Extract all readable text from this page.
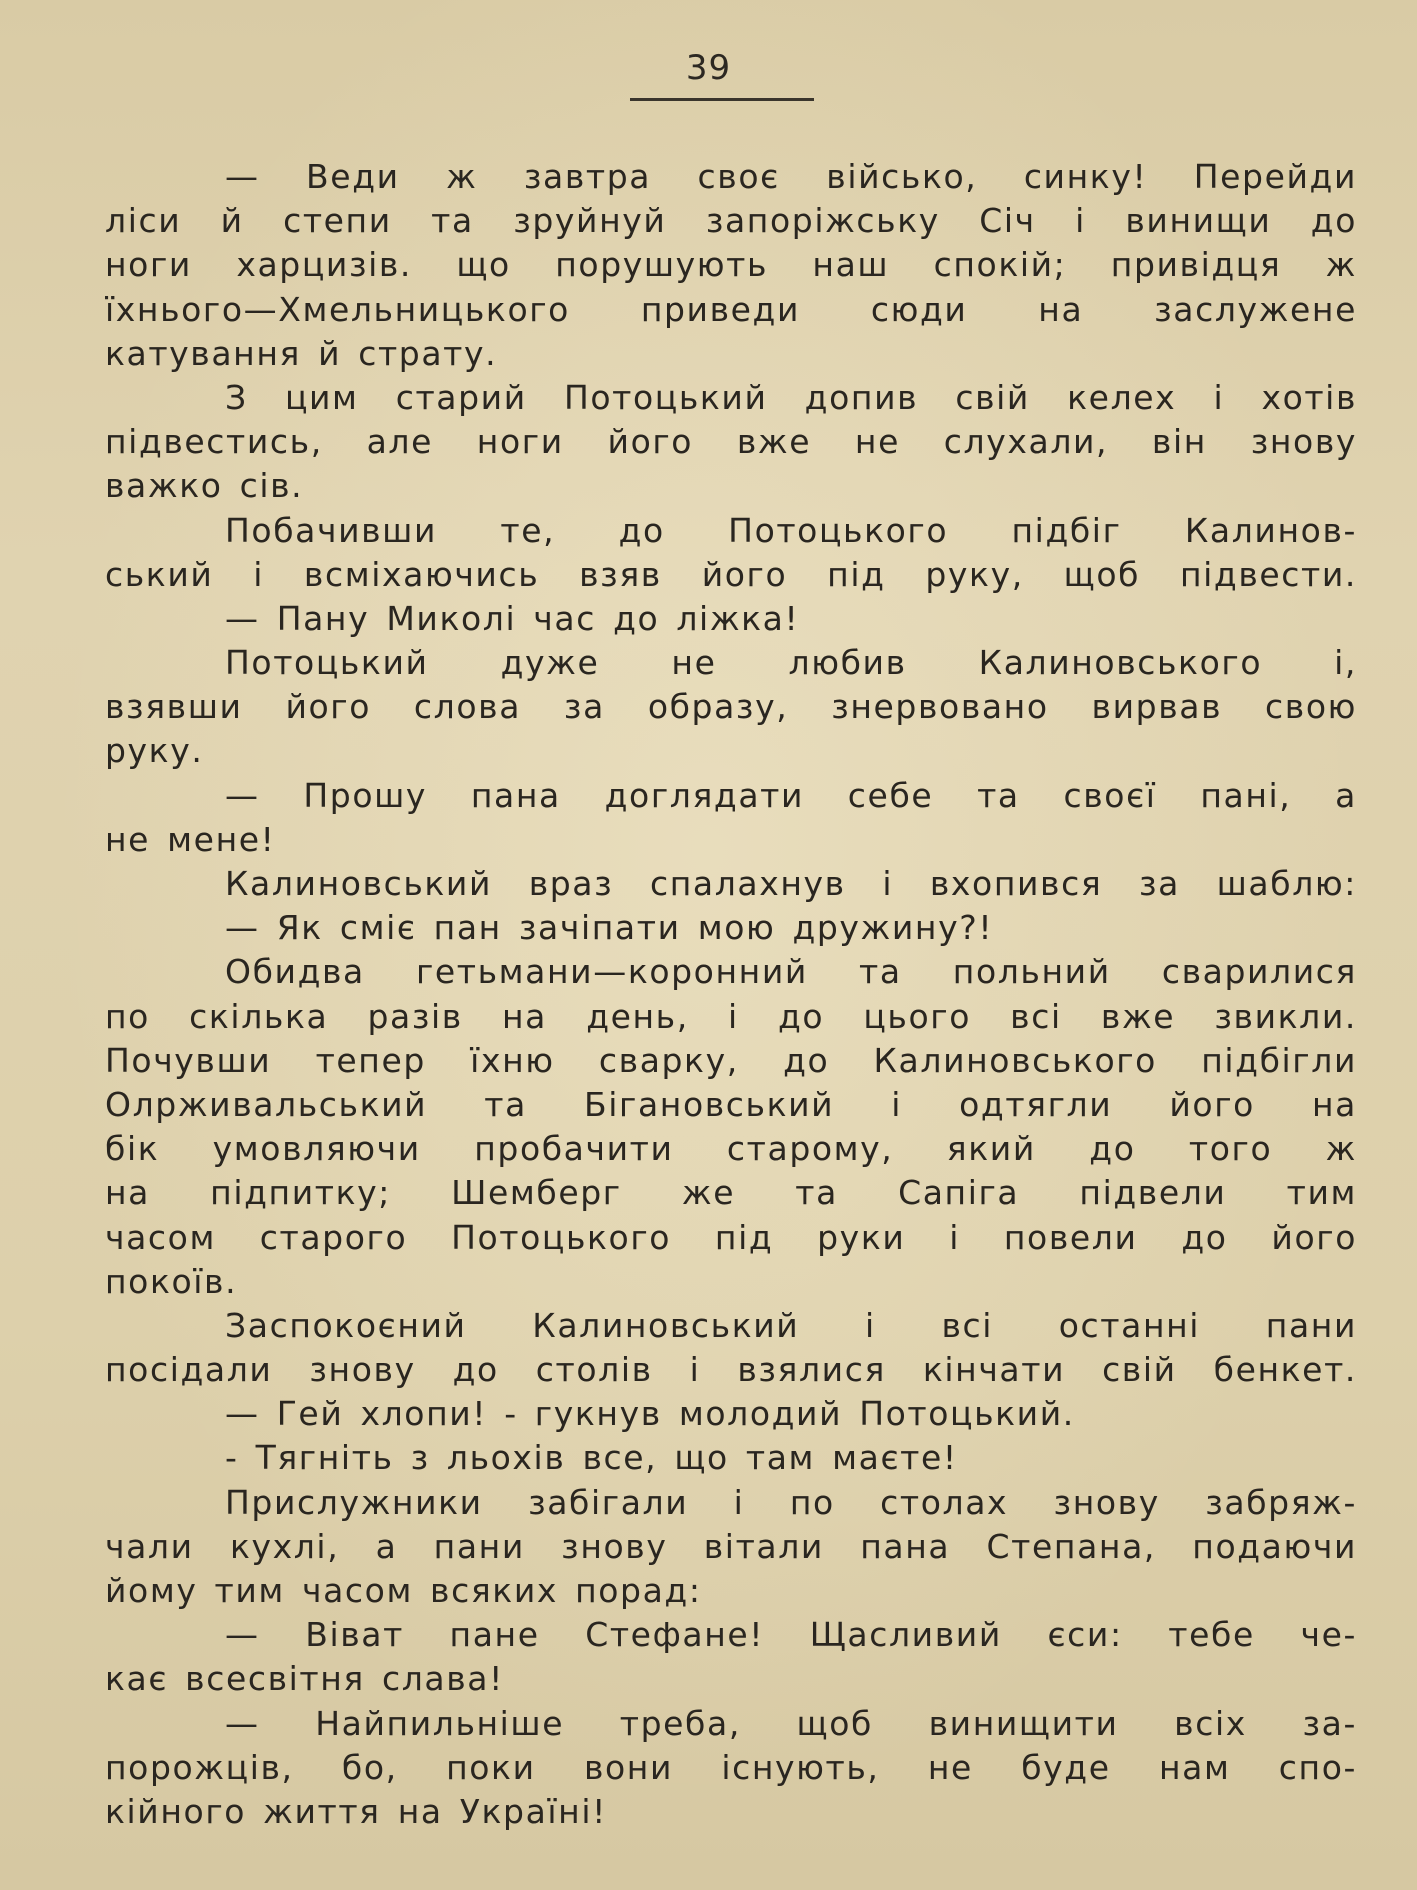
39
— Веди ж завтра своє військо, синку! Перейди
ліси й степи та зруйнуй запоріжську Січ і винищи до
ноги харцизів. що порушують наш спокій; привідця ж
їхнього—Хмельницького приведи сюди на заслужене
катування й страту.
З цим старий Потоцький допив свій келех і хотів
підвестись, але ноги його вже не слухали, він знову
важко сів.
Побачивши те, до Потоцького підбіг Калинов-
ський і всміхаючись взяв його під руку, щоб підвести.
— Пану Миколі час до ліжка!
Потоцький дуже не любив Калиновського і,
взявши його слова за образу, знервовано вирвав свою
руку.
— Прошу пана доглядати себе та своєї пані, а
не мене!
Калиновський враз спалахнув і вхопився за шаблю:
— Як сміє пан зачіпати мою дружину?!
Обидва гетьмани—коронний та польний сварилися
по скілька разів на день, і до цього всі вже звикли.
Почувши тепер їхню сварку, до Калиновського підбігли
Олрживальський та Біганoвський і одтягли його на
бік умовляючи пробачити старому, який до того ж
на підпитку; Шемберг же та Сапіга підвели тим
часом старого Потоцького під руки і повели до його
покоїв.
Заспокоєний Калиновський і всі останні пани
посідали знову до столів і взялися кінчати свій бенкет.
— Гей хлопи! - гукнув молодий Потоцький.
- Тягніть з льохів все, що там маєте!
Прислужники забігали і по столах знову забряж-
чали кухлі, а пани знову вітали пана Степана, подаючи
йому тим часом всяких порад:
— Віват пане Стефане! Щасливий єси: тебе че-
кає всесвітня слава!
— Найпильніше треба, щоб винищити всіх за-
порожців, бо, поки вони існують, не буде нам спо-
кійного життя на Україні!
